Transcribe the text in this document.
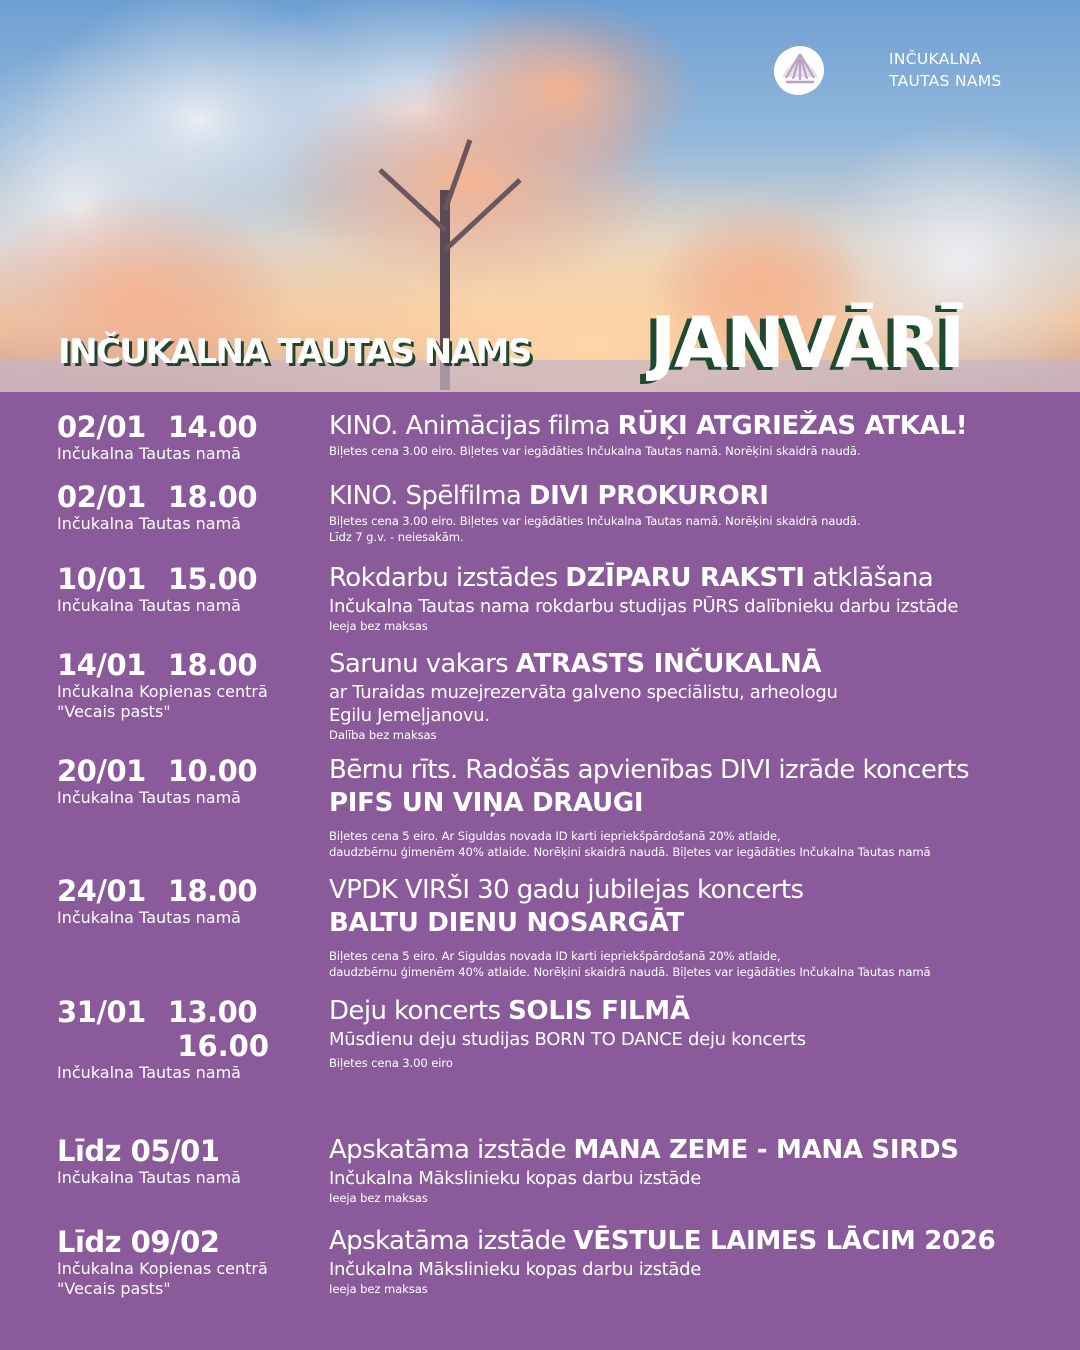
INČUKALNA
TAUTAS NAMS
INČUKALNA TAUTAS NAMS JANVĀRĪ
02/01 14.00
Inčukalna Tautas namā
KINO. Animācijas filma RŪĶI ATGRIEŽAS ATKAL!
Biļetes cena 3.00 eiro. Biļetes var iegādāties Inčukalna Tautas namā. Norēķini skaidrā naudā.
02/01 18.00
Inčukalna Tautas namā
KINO. Spēlfilma DIVI PROKURORI
Biļetes cena 3.00 eiro. Biļetes var iegādāties Inčukalna Tautas namā. Norēķini skaidrā naudā.
Līdz 7 g.v. - neiesakām.
10/01 15.00
Inčukalna Tautas namā
Rokdarbu izstādes DZĪPARU RAKSTI atklāšana
Inčukalna Tautas nama rokdarbu studijas PŪRS dalībnieku darbu izstāde
Ieeja bez maksas
14/01 18.00
Inčukalna Kopienas centrā
"Vecais pasts"
Sarunu vakars ATRASTS INČUKALNĀ
ar Turaidas muzejrezervāta galveno speciālistu, arheologu
Egilu Jemeļjanovu.
Dalība bez maksas
20/01 10.00
Inčukalna Tautas namā
Bērnu rīts. Radošās apvienības DIVI izrāde koncerts
PIFS UN VIŅA DRAUGI
Biļetes cena 5 eiro. Ar Siguldas novada ID karti iepriekšpārdošanā 20% atlaide,
daudzbērnu ģimenēm 40% atlaide. Norēķini skaidrā naudā. Biļetes var iegādāties Inčukalna Tautas namā
24/01 18.00
Inčukalna Tautas namā
VPDK VIRŠI 30 gadu jubilejas koncerts
BALTU DIENU NOSARGĀT
Biļetes cena 5 eiro. Ar Siguldas novada ID karti iepriekšpārdošanā 20% atlaide,
daudzbērnu ģimenēm 40% atlaide. Norēķini skaidrā naudā. Biļetes var iegādāties Inčukalna Tautas namā
31/01 13.00
16.00
Inčukalna Tautas namā
Deju koncerts SOLIS FILMĀ
Mūsdienu deju studijas BORN TO DANCE deju koncerts
Biļetes cena 3.00 eiro
Līdz 05/01
Inčukalna Tautas namā
Apskatāma izstāde MANA ZEME - MANA SIRDS
Inčukalna Mākslinieku kopas darbu izstāde
Ieeja bez maksas
Līdz 09/02
Inčukalna Kopienas centrā
"Vecais pasts"
Apskatāma izstāde VĒSTULE LAIMES LĀCIM 2026
Inčukalna Mākslinieku kopas darbu izstāde
Ieeja bez maksas
